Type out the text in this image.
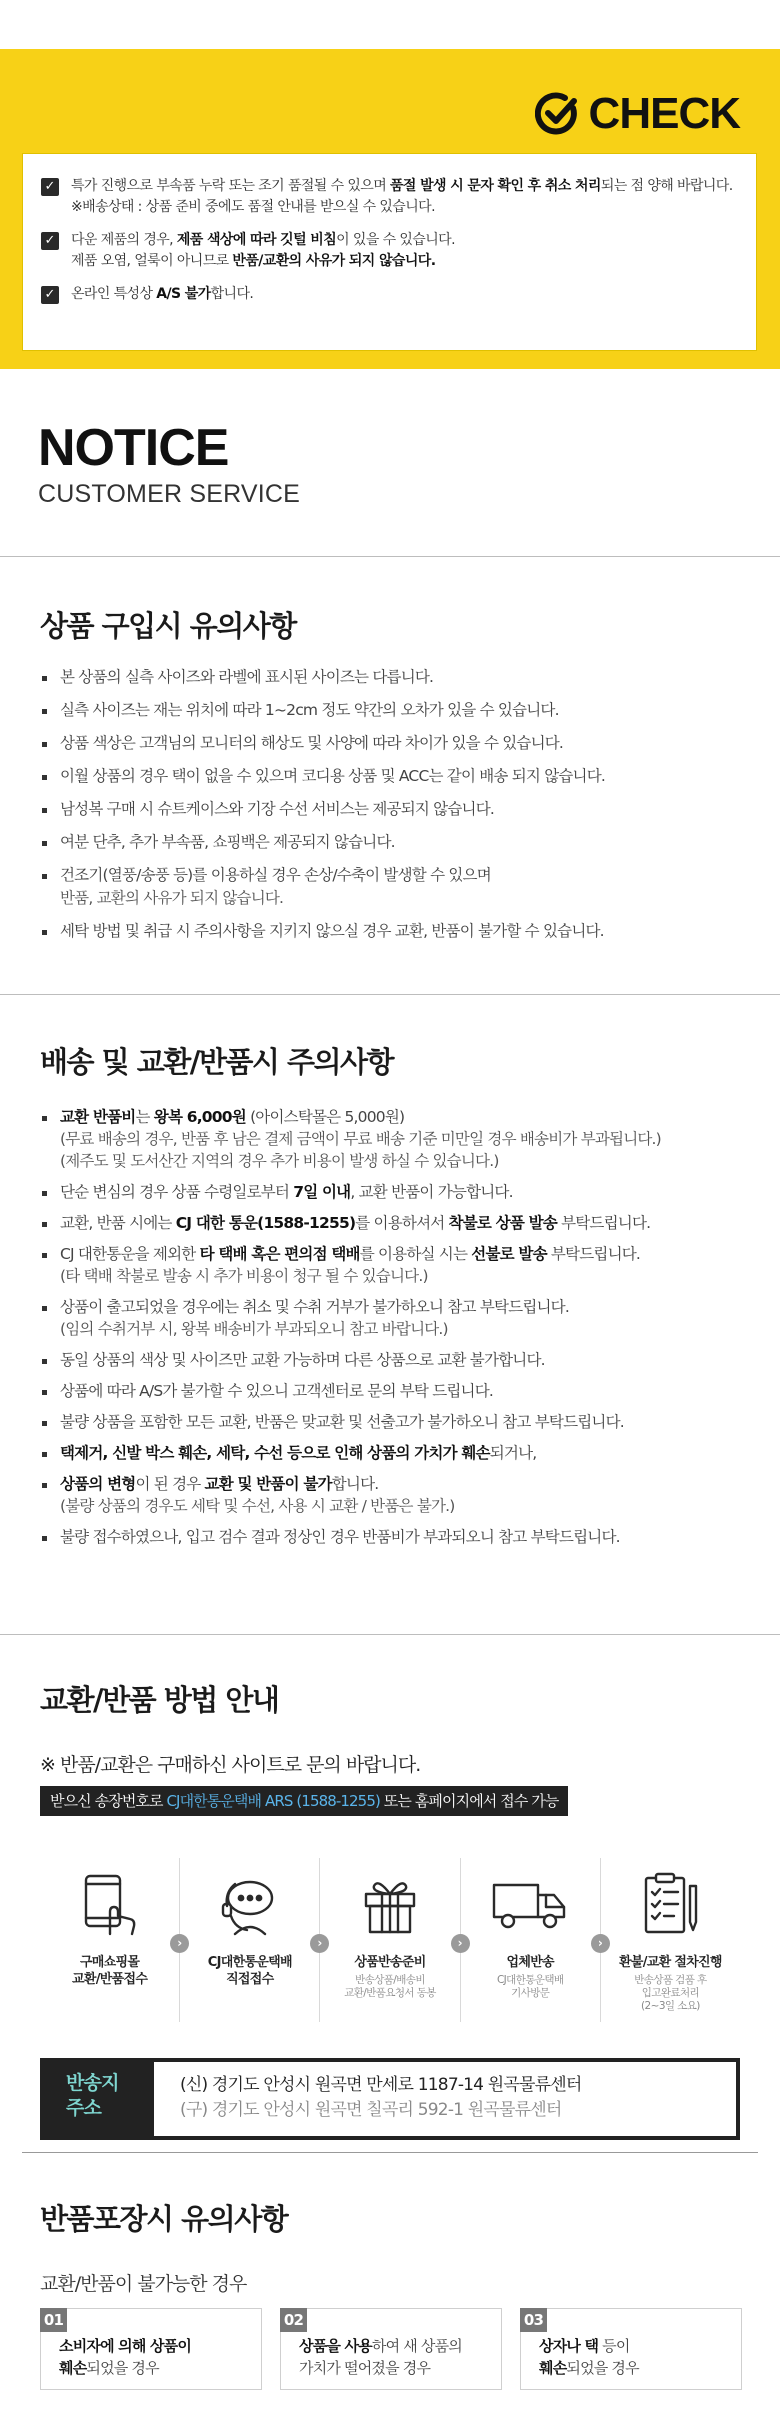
CHECK
✓ 특가 진행으로 부속품 누락 또는 조기 품절될 수 있으며 품절 발생 시 문자 확인 후 취소 처리되는 점 양해 바랍니다.
※배송상태 : 상품 준비 중에도 품절 안내를 받으실 수 있습니다.
✓ 다운 제품의 경우, 제품 색상에 따라 깃털 비침이 있을 수 있습니다.
제품 오염, 얼룩이 아니므로 반품/교환의 사유가 되지 않습니다.
✓ 온라인 특성상 A/S 불가합니다.
NOTICE
CUSTOMER SERVICE
상품 구입시 유의사항
본 상품의 실측 사이즈와 라벨에 표시된 사이즈는 다릅니다.
실측 사이즈는 재는 위치에 따라 1~2cm 정도 약간의 오차가 있을 수 있습니다.
상품 색상은 고객님의 모니터의 해상도 및 사양에 따라 차이가 있을 수 있습니다.
이월 상품의 경우 택이 없을 수 있으며 코디용 상품 및 ACC는 같이 배송 되지 않습니다.
남성복 구매 시 슈트케이스와 기장 수선 서비스는 제공되지 않습니다.
여분 단추, 추가 부속품, 쇼핑백은 제공되지 않습니다.
건조기(열풍/송풍 등)를 이용하실 경우 손상/수축이 발생할 수 있으며
반품, 교환의 사유가 되지 않습니다.
세탁 방법 및 취급 시 주의사항을 지키지 않으실 경우 교환, 반품이 불가할 수 있습니다.
배송 및 교환/반품시 주의사항
교환 반품비는 왕복 6,000원 (아이스탁몰은 5,000원)
(무료 배송의 경우, 반품 후 남은 결제 금액이 무료 배송 기준 미만일 경우 배송비가 부과됩니다.)
(제주도 및 도서산간 지역의 경우 추가 비용이 발생 하실 수 있습니다.)
단순 변심의 경우 상품 수령일로부터 7일 이내, 교환 반품이 가능합니다.
교환, 반품 시에는 CJ 대한 통운(1588-1255)를 이용하셔서 착불로 상품 발송 부탁드립니다.
CJ 대한통운을 제외한 타 택배 혹은 편의점 택배를 이용하실 시는 선불로 발송 부탁드립니다.
(타 택배 착불로 발송 시 추가 비용이 청구 될 수 있습니다.)
상품이 출고되었을 경우에는 취소 및 수취 거부가 불가하오니 참고 부탁드립니다.
(임의 수취거부 시, 왕복 배송비가 부과되오니 참고 바랍니다.)
동일 상품의 색상 및 사이즈만 교환 가능하며 다른 상품으로 교환 불가합니다.
상품에 따라 A/S가 불가할 수 있으니 고객센터로 문의 부탁 드립니다.
불량 상품을 포함한 모든 교환, 반품은 맞교환 및 선출고가 불가하오니 참고 부탁드립니다.
택제거, 신발 박스 훼손, 세탁, 수선 등으로 인해 상품의 가치가 훼손되거나,
상품의 변형이 된 경우 교환 및 반품이 불가합니다.
(불량 상품의 경우도 세탁 및 수선, 사용 시 교환 / 반품은 불가.)
불량 접수하였으나, 입고 검수 결과 정상인 경우 반품비가 부과되오니 참고 부탁드립니다.
교환/반품 방법 안내
※ 반품/교환은 구매하신 사이트로 문의 바랍니다.
받으신 송장번호로 CJ대한통운택배 ARS (1588-1255) 또는 홈페이지에서 접수 가능
구매쇼핑몰
교환/반품접수
›
CJ대한통운택배
직접접수
›
상품반송준비
반송상품/배송비
교환/반품요청서 동봉
›
업체반송
CJ대한통운택배
기사방문
›
환불/교환 절차진행
반송상품 검품 후
입고완료처리
(2~3일 소요)
반송지
주소
(신) 경기도 안성시 원곡면 만세로 1187-14 원곡물류센터
(구) 경기도 안성시 원곡면 칠곡리 592-1 원곡물류센터
반품포장시 유의사항
교환/반품이 불가능한 경우
01
소비자에 의해 상품이
훼손되었을 경우
02
상품을 사용하여 새 상품의
가치가 떨어졌을 경우
03
상자나 택 등이
훼손되었을 경우
